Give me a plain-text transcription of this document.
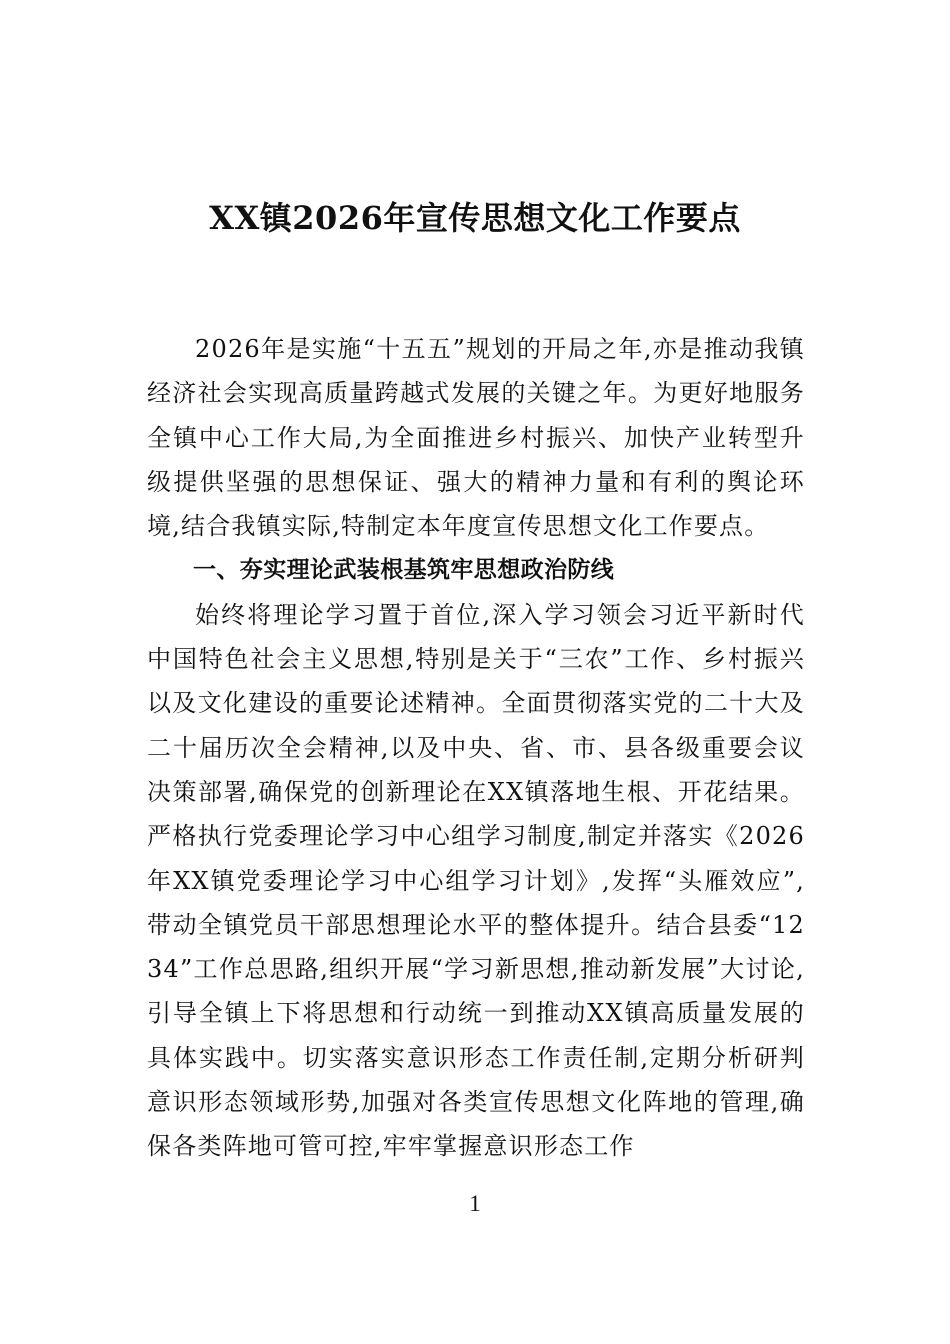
XX镇2026年宣传思想文化工作要点

2026年是实施“十五五”规划的开局之年,亦是推动我镇经济社会实现高质量跨越式发展的关键之年。为更好地服务全镇中心工作大局,为全面推进乡村振兴、加快产业转型升级提供坚强的思想保证、强大的精神力量和有利的舆论环境,结合我镇实际,特制定本年度宣传思想文化工作要点。

一、夯实理论武装根基筑牢思想政治防线

始终将理论学习置于首位,深入学习领会习近平新时代中国特色社会主义思想,特别是关于“三农”工作、乡村振兴以及文化建设的重要论述精神。全面贯彻落实党的二十大及二十届历次全会精神,以及中央、省、市、县各级重要会议决策部署,确保党的创新理论在XX镇落地生根、开花结果。严格执行党委理论学习中心组学习制度,制定并落实《2026年XX镇党委理论学习中心组学习计划》,发挥“头雁效应”,带动全镇党员干部思想理论水平的整体提升。结合县委“1234”工作总思路,组织开展“学习新思想,推动新发展”大讨论,引导全镇上下将思想和行动统一到推动XX镇高质量发展的具体实践中。切实落实意识形态工作责任制,定期分析研判意识形态领域形势,加强对各类宣传思想文化阵地的管理,确保各类阵地可管可控,牢牢掌握意识形态工作

1
